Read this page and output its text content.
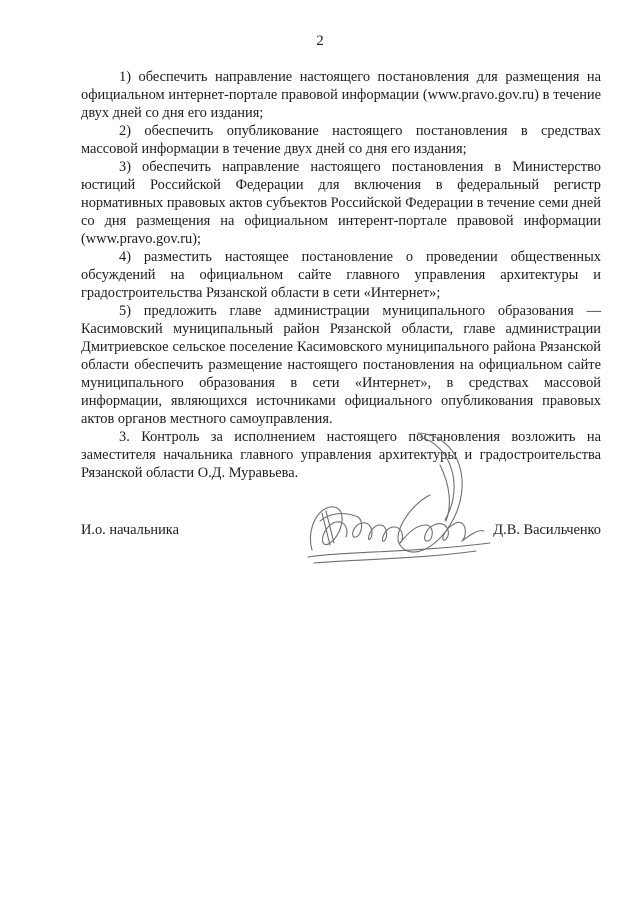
2

1) обеспечить направление настоящего постановления для размещения на официальном интернет-портале правовой информации (www.pravo.gov.ru) в течение двух дней со дня его издания;

2) обеспечить опубликование настоящего постановления в средствах массовой информации в течение двух дней со дня его издания;

3) обеспечить направление настоящего постановления в Министерство юстиций Российской Федерации для включения в федеральный регистр нормативных правовых актов субъектов Российской Федерации в течение семи дней со дня размещения на официальном интерент-портале правовой информации (www.pravo.gov.ru);

4) разместить настоящее постановление о проведении общественных обсуждений на официальном сайте главного управления архитектуры и градостроительства Рязанской области в сети «Интернет»;

5) предложить главе администрации муниципального образования — Касимовский муниципальный район Рязанской области, главе администрации Дмитриевское сельское поселение Касимовского муниципального района Рязанской области обеспечить размещение настоящего постановления на официальном сайте муниципального образования в сети «Интернет», в средствах массовой информации, являющихся источниками официального опубликования правовых актов органов местного самоуправления.

3. Контроль за исполнением настоящего постановления возложить на заместителя начальника главного управления архитектуры и градостроительства Рязанской области О.Д. Муравьева.

И.о. начальника	Д.В. Васильченко
